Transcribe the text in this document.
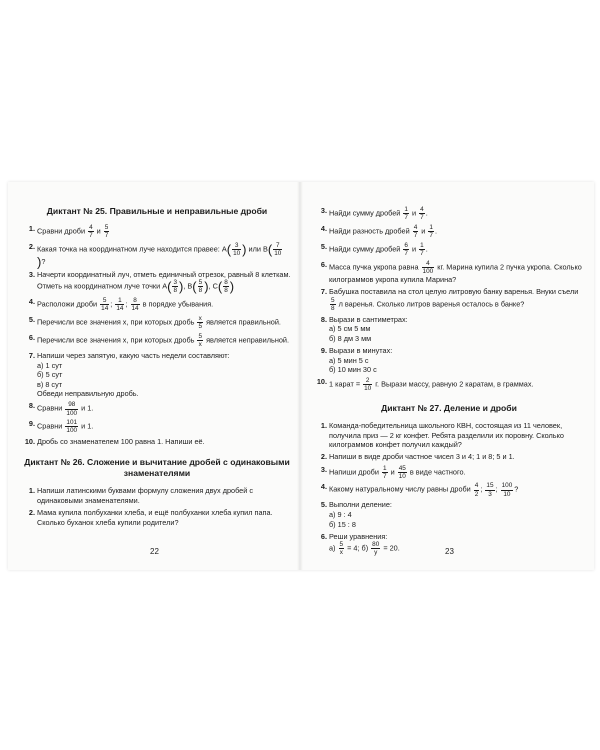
Диктант № 25. Правильные и неправильные дроби
1. Сравни дроби $\frac{4}{7}$ и $\frac{5}{7}$
2. Какая точка на координатном луче находится правее: $A( \frac{3}{10}$ ) или $B( \frac{7}{10}$
)?
3. Начерти координатный луч, отметь единичный отрезок, равный 8 клеткам. Отметь на координатном луче точки $A( \frac{3}{8}$ ), $B( \frac{5}{8}$ ), $C( \frac{8}{8}$ )
4. Расположи дроби $\frac{5}{14}$ ; $\frac{1}{14}$ ; $\frac{8}{14}$ в порядке убывания.
5. Перечисли все значения x, при которых дробь $\frac{x}{5}$ является правильной.
6. Перечисли все значения x, при которых дробь $\frac{5}{x}$ является неправильной.
7. Напиши через запятую, какую часть недели составляют:
а) 1 сут
б) 5 сут
в) 8 сут
Обведи неправильную дробь.
8. Сравни $\frac{98}{100}$ и 1.
9. Сравни $\frac{101}{100}$ и 1.
10. Дробь со знаменателем 100 равна 1. Напиши её.
Диктант № 26. Сложение и вычитание дробей с одинаковыми знаменателями
1. Напиши латинскими буквами формулу сложения двух дробей с одинаковыми знаменателями.
2. Мама купила полбуханки хлеба, и ещё полбуханки хлеба купил папа. Сколько буханок хлеба купили родители?
3. Найди сумму дробей $\frac{1}{7}$ и $\frac{4}{7}$ .
4. Найди разность дробей $\frac{4}{7}$ и $\frac{1}{7}$ .
5. Найди сумму дробей $\frac{6}{7}$ и $\frac{1}{7}$ .
6. Масса пучка укропа равна $\frac{4}{100}$ кг. Марина купила 2 пучка укропа. Сколько килограммов укропа купила Марина?
7. Бабушка поставила на стол целую литровую банку варенья. Внуки съели
$\frac{5}{8}$ л варенья. Сколько литров варенья осталось в банке?
8. Вырази в сантиметрах:
а) 5 см 5 мм
б) 8 дм 3 мм
9. Вырази в минутах:
а) 5 мин 5 с
б) 10 мин 30 с
10. 1 карат = $\frac{2}{10} г$. Вырази массу, равную 2 каратам, в граммах.
Диктант № 27. Деление и дроби
1. Команда-победительница школьного КВН, состоящая из 11 человек, получила приз — 2 кг конфет. Ребята разделили их поровну. Сколько килограммов конфет получил каждый?
2. Напиши в виде дроби частное чисел 3 и 4; 1 и 8; 5 и 1.
3. Напиши дроби $\frac{1}{7}$ и $\frac{45}{10}$ в виде частного.
4. Какому натуральному числу равны дроби $\frac{4}{2}$ ; $\frac{15}{3}$ ; $\frac{100}{10}$ ?
5. Выполни деление:
а) 9 : 4
б) 15 : 8
6. Реши уравнения:
$а) \frac{5}{x} = 4$; $б) \frac{80}{y} = 20$.
22	23
